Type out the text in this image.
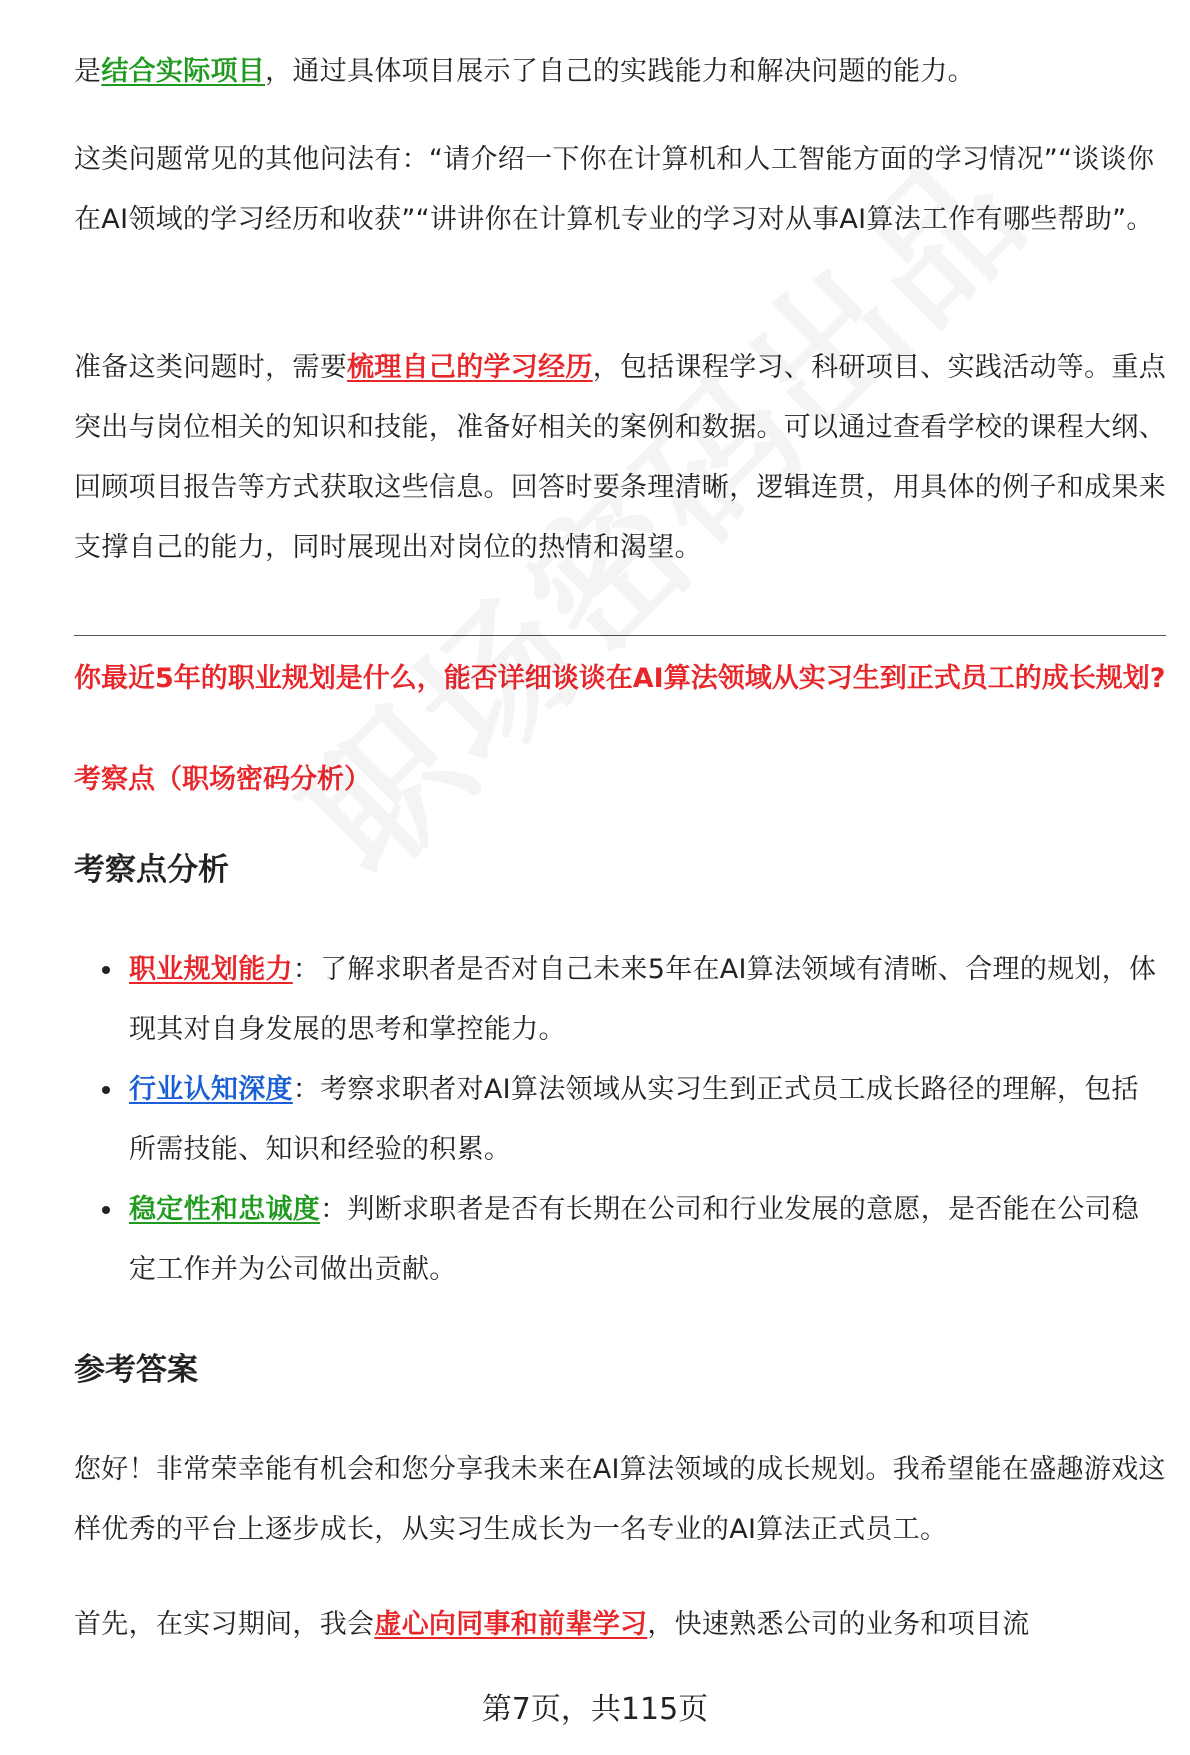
是结合实际项目，通过具体项目展示了自己的实践能力和解决问题的能力。

这类问题常见的其他问法有：“请介绍一下你在计算机和人工智能方面的学习情况”“谈谈你在AI领域的学习经历和收获”“讲讲你在计算机专业的学习对从事AI算法工作有哪些帮助”。

准备这类问题时，需要梳理自己的学习经历，包括课程学习、科研项目、实践活动等。重点突出与岗位相关的知识和技能，准备好相关的案例和数据。可以通过查看学校的课程大纲、回顾项目报告等方式获取这些信息。回答时要条理清晰，逻辑连贯，用具体的例子和成果来支撑自己的能力，同时展现出对岗位的热情和渴望。

你最近5年的职业规划是什么，能否详细谈谈在AI算法领域从实习生到正式员工的成长规划?

考察点（职场密码分析）

考察点分析
职业规划能力：了解求职者是否对自己未来5年在AI算法领域有清晰、合理的规划，体现其对自身发展的思考和掌控能力。
行业认知深度：考察求职者对AI算法领域从实习生到正式员工成长路径的理解，包括所需技能、知识和经验的积累。
稳定性和忠诚度：判断求职者是否有长期在公司和行业发展的意愿，是否能在公司稳定工作并为公司做出贡献。
参考答案

您好！非常荣幸能有机会和您分享我未来在AI算法领域的成长规划。我希望能在盛趣游戏这样优秀的平台上逐步成长，从实习生成长为一名专业的AI算法正式员工。

首先，在实习期间，我会虚心向同事和前辈学习，快速熟悉公司的业务和项目流

第7页，共115页
